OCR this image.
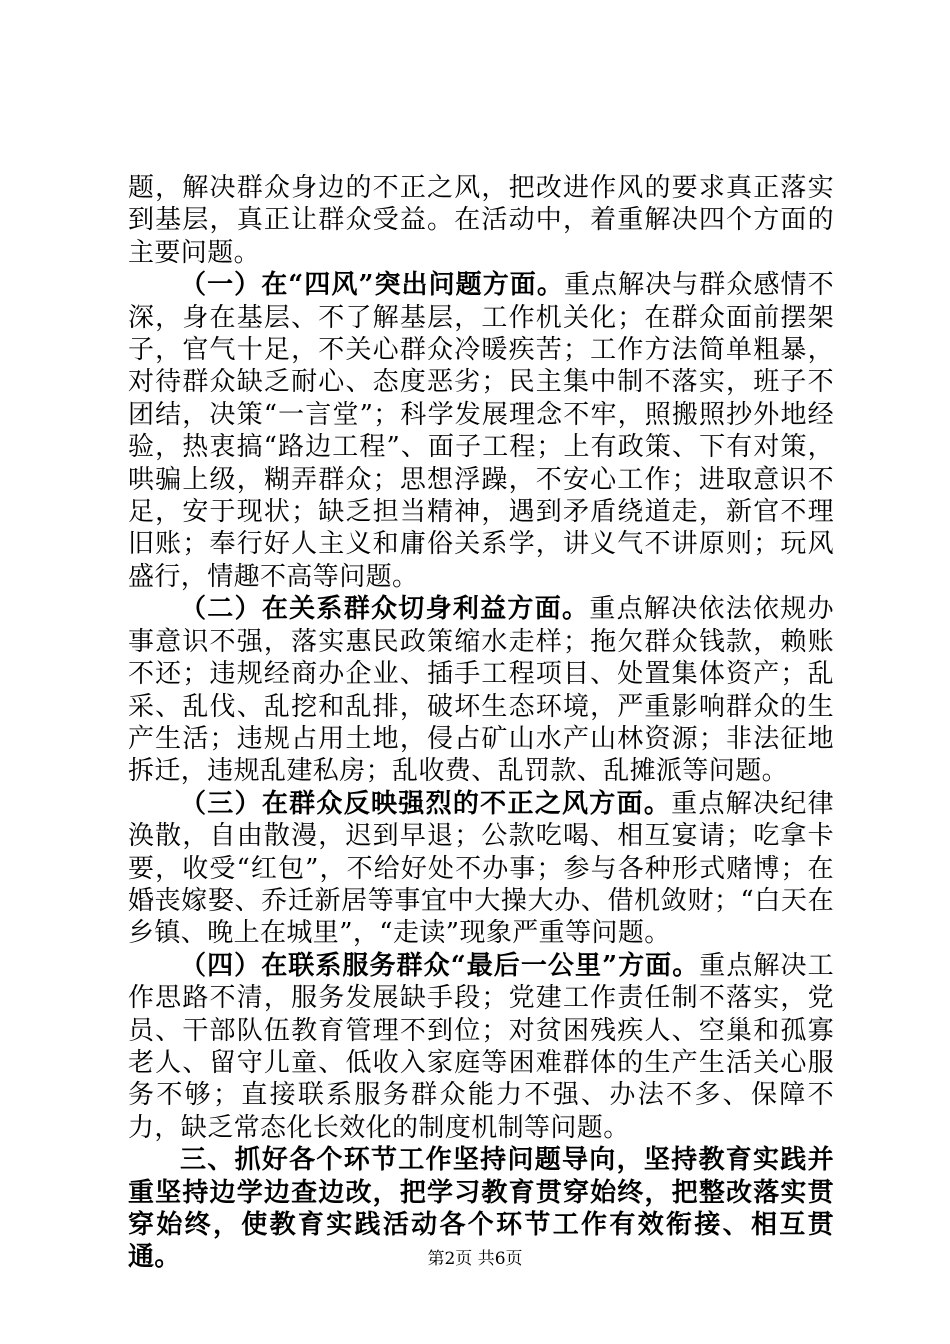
题，解决群众身边的不正之风，把改进作风的要求真正落实到基层，真正让群众受益。在活动中，着重解决四个方面的主要问题。

（一）在“四风”突出问题方面。重点解决与群众感情不深，身在基层、不了解基层，工作机关化；在群众面前摆架子，官气十足，不关心群众冷暖疾苦；工作方法简单粗暴，对待群众缺乏耐心、态度恶劣；民主集中制不落实，班子不团结，决策“一言堂”；科学发展理念不牢，照搬照抄外地经验，热衷搞“路边工程”、面子工程；上有政策、下有对策，哄骗上级，糊弄群众；思想浮躁，不安心工作；进取意识不足，安于现状；缺乏担当精神，遇到矛盾绕道走，新官不理旧账；奉行好人主义和庸俗关系学，讲义气不讲原则；玩风盛行，情趣不高等问题。

（二）在关系群众切身利益方面。重点解决依法依规办事意识不强，落实惠民政策缩水走样；拖欠群众钱款，赖账不还；违规经商办企业、插手工程项目、处置集体资产；乱采、乱伐、乱挖和乱排，破坏生态环境，严重影响群众的生产生活；违规占用土地，侵占矿山水产山林资源；非法征地拆迁，违规乱建私房；乱收费、乱罚款、乱摊派等问题。

（三）在群众反映强烈的不正之风方面。重点解决纪律涣散，自由散漫，迟到早退；公款吃喝、相互宴请；吃拿卡要，收受“红包”，不给好处不办事；参与各种形式赌博；在婚丧嫁娶、乔迁新居等事宜中大操大办、借机敛财；“白天在乡镇、晚上在城里”，“走读”现象严重等问题。

（四）在联系服务群众“最后一公里”方面。重点解决工作思路不清，服务发展缺手段；党建工作责任制不落实，党员、干部队伍教育管理不到位；对贫困残疾人、空巢和孤寡老人、留守儿童、低收入家庭等困难群体的生产生活关心服务不够；直接联系服务群众能力不强、办法不多、保障不力，缺乏常态化长效化的制度机制等问题。

三、抓好各个环节工作坚持问题导向，坚持教育实践并重坚持边学边查边改，把学习教育贯穿始终，把整改落实贯穿始终，使教育实践活动各个环节工作有效衔接、相互贯通。	第2页 共6页
